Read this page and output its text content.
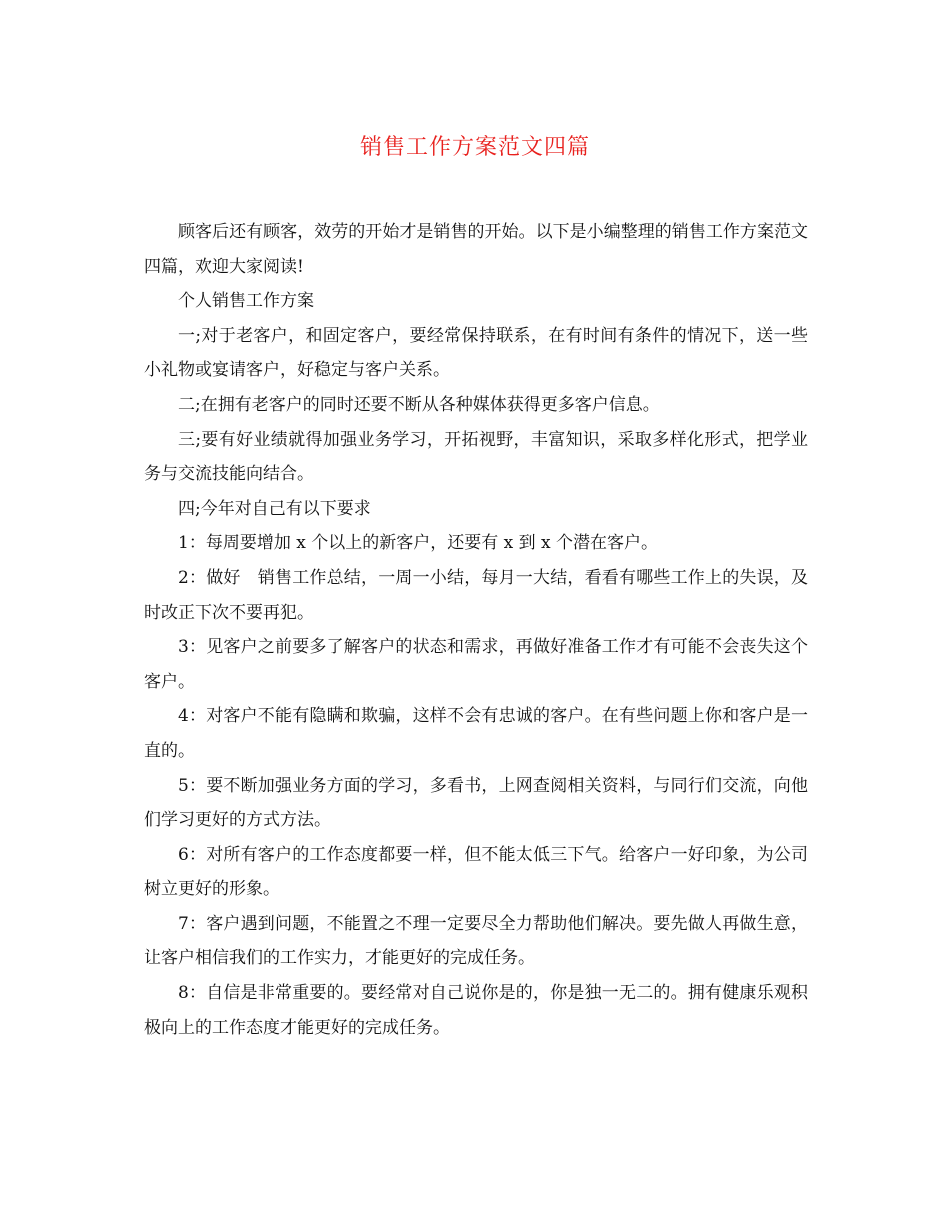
销售工作方案范文四篇

顾客后还有顾客，效劳的开始才是销售的开始。以下是小编整理的销售工作方案范文四篇，欢迎大家阅读!

个人销售工作方案

一;对于老客户，和固定客户，要经常保持联系，在有时间有条件的情况下，送一些小礼物或宴请客户，好稳定与客户关系。

二;在拥有老客户的同时还要不断从各种媒体获得更多客户信息。

三;要有好业绩就得加强业务学习，开拓视野，丰富知识，采取多样化形式，把学业务与交流技能向结合。

四;今年对自己有以下要求

1：每周要增加 x 个以上的新客户，还要有 x 到 x 个潜在客户。

2：做好　销售工作总结，一周一小结，每月一大结，看看有哪些工作上的失误，及时改正下次不要再犯。

3：见客户之前要多了解客户的状态和需求，再做好准备工作才有可能不会丧失这个客户。

4：对客户不能有隐瞒和欺骗，这样不会有忠诚的客户。在有些问题上你和客户是一直的。

5：要不断加强业务方面的学习，多看书，上网查阅相关资料，与同行们交流，向他们学习更好的方式方法。

6：对所有客户的工作态度都要一样，但不能太低三下气。给客户一好印象，为公司树立更好的形象。

7：客户遇到问题，不能置之不理一定要尽全力帮助他们解决。要先做人再做生意，让客户相信我们的工作实力，才能更好的完成任务。

8：自信是非常重要的。要经常对自己说你是的，你是独一无二的。拥有健康乐观积极向上的工作态度才能更好的完成任务。
